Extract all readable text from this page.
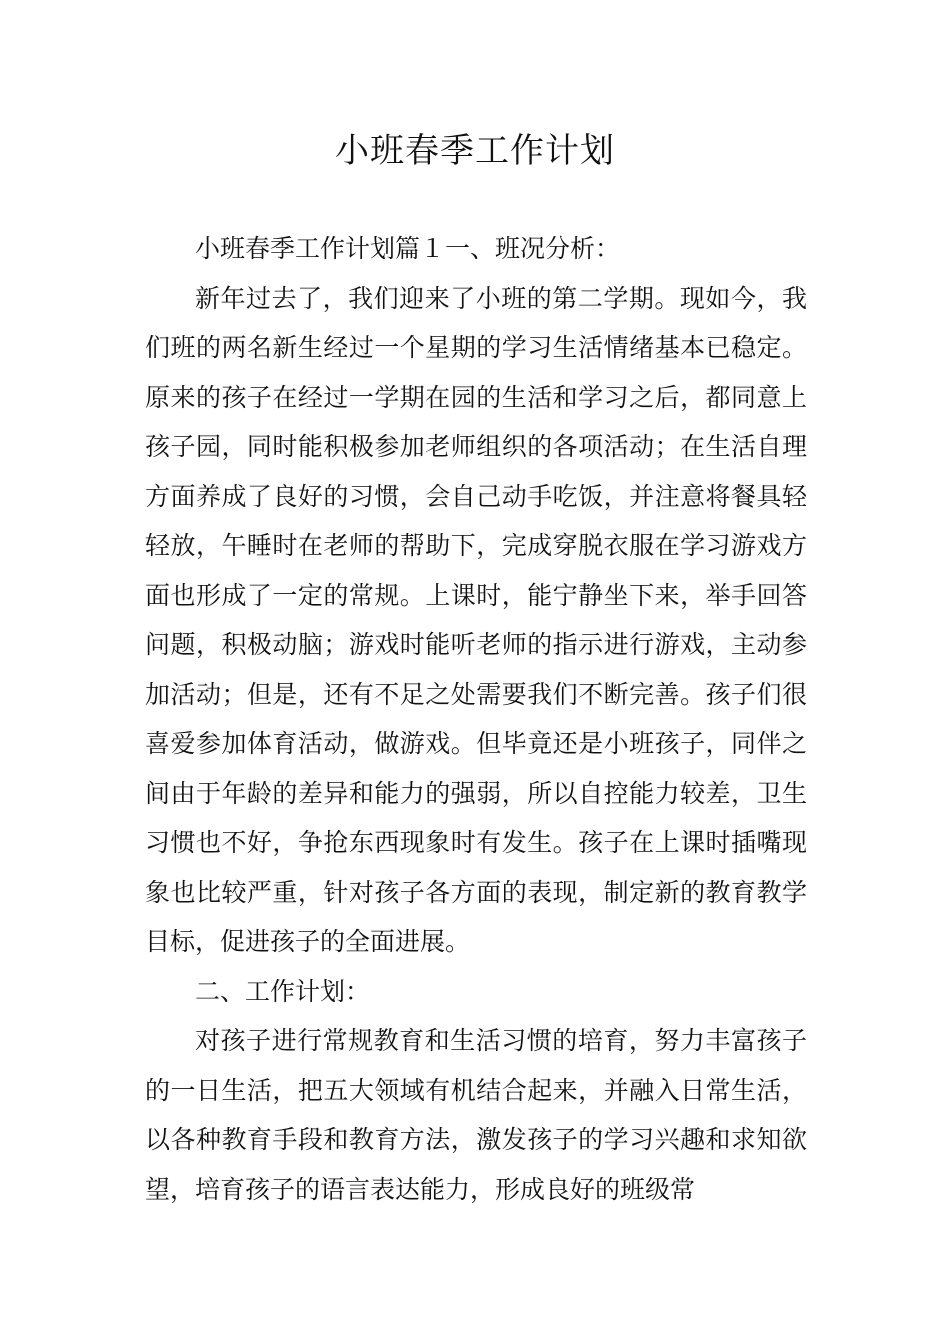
小班春季工作计划

小班春季工作计划篇１一、班况分析：

新年过去了，我们迎来了小班的第二学期。现如今，我们班的两名新生经过一个星期的学习生活情绪基本已稳定。原来的孩子在经过一学期在园的生活和学习之后，都同意上孩子园，同时能积极参加老师组织的各项活动；在生活自理方面养成了良好的习惯，会自己动手吃饭，并注意将餐具轻轻放，午睡时在老师的帮助下，完成穿脱衣服在学习游戏方面也形成了一定的常规。上课时，能宁静坐下来，举手回答问题，积极动脑；游戏时能听老师的指示进行游戏，主动参加活动；但是，还有不足之处需要我们不断完善。孩子们很喜爱参加体育活动，做游戏。但毕竟还是小班孩子，同伴之间由于年龄的差异和能力的强弱，所以自控能力较差，卫生习惯也不好，争抢东西现象时有发生。孩子在上课时插嘴现象也比较严重，针对孩子各方面的表现，制定新的教育教学目标，促进孩子的全面进展。

二、工作计划：

对孩子进行常规教育和生活习惯的培育，努力丰富孩子的一日生活，把五大领域有机结合起来，并融入日常生活，以各种教育手段和教育方法，激发孩子的学习兴趣和求知欲望，培育孩子的语言表达能力，形成良好的班级常
